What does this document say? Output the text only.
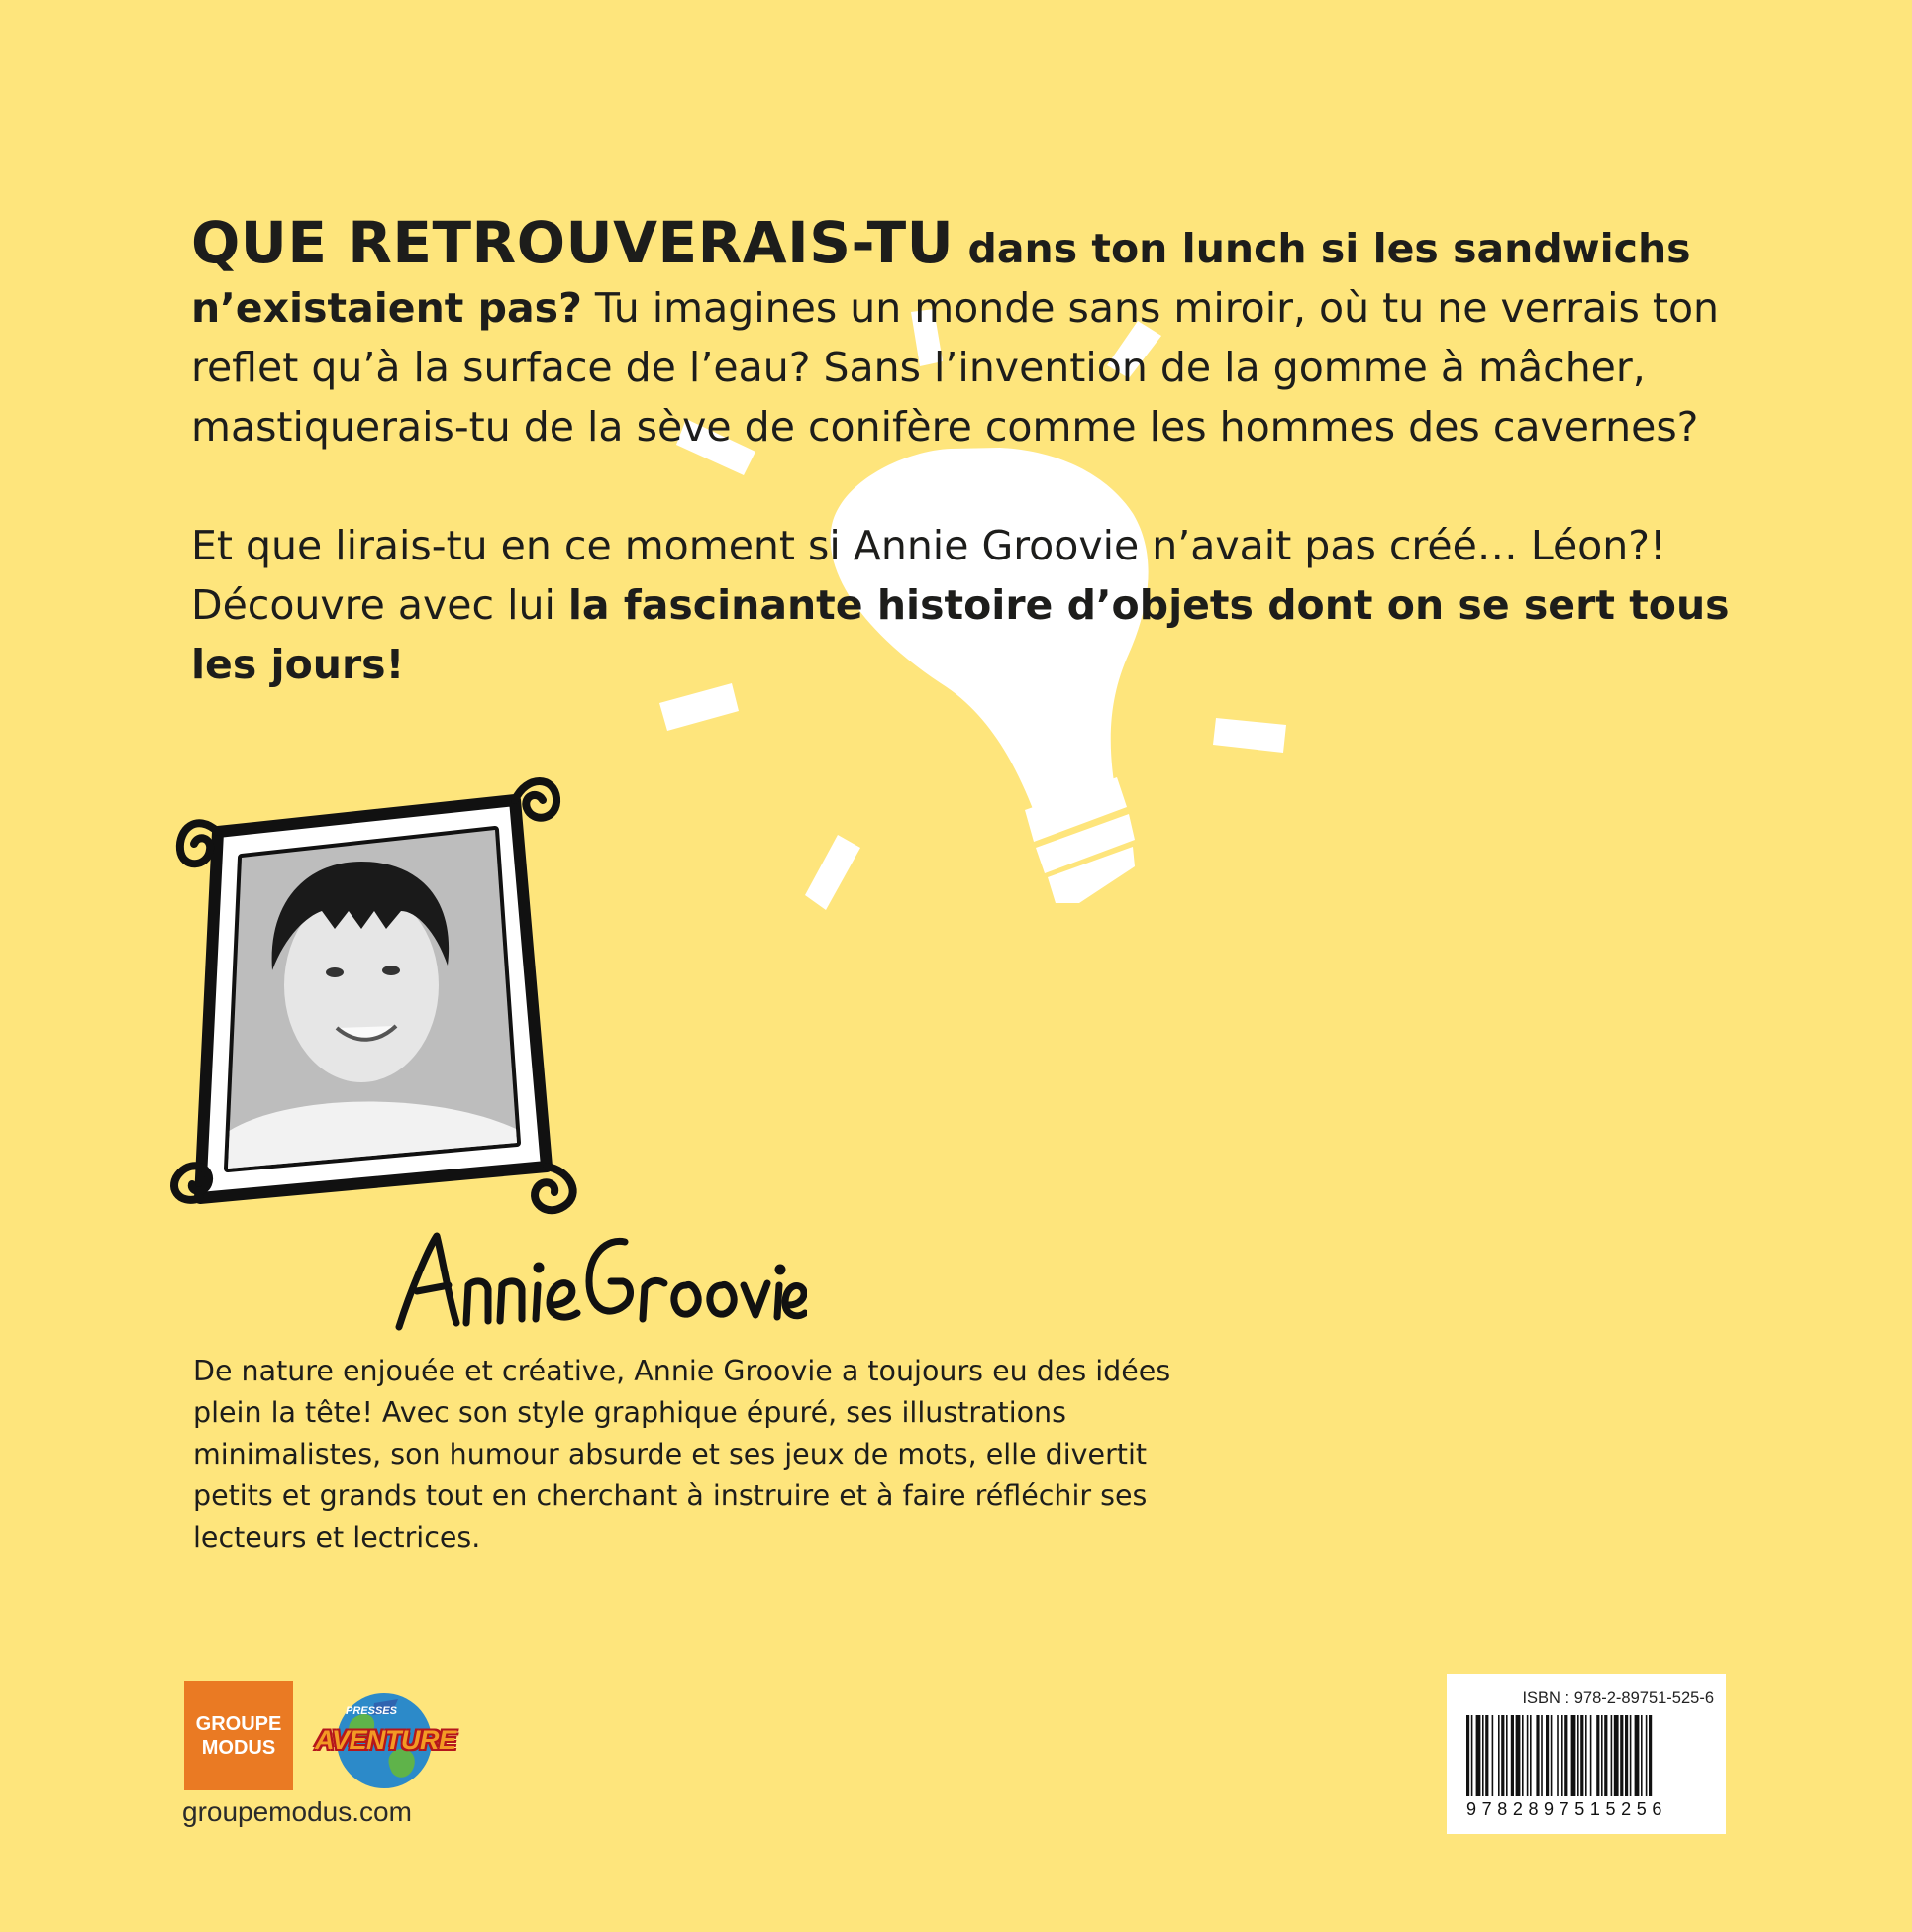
QUE RETROUVERAIS-TU dans ton lunch si les sandwichs n’existaient pas? Tu imagines un monde sans miroir, où tu ne verrais ton reflet qu’à la surface de l’eau? Sans l’invention de la gomme à mâcher, mastiquerais-tu de la sève de conifère comme les hommes des cavernes?

Et que lirais-tu en ce moment si Annie Groovie n’avait pas créé… Léon?! Découvre avec lui la fascinante histoire d’objets dont on se sert tous les jours!

De nature enjouée et créative, Annie Groovie a toujours eu des idées plein la tête! Avec son style graphique épuré, ses illustrations minimalistes, son humour absurde et ses jeux de mots, elle divertit petits et grands tout en cherchant à instruire et à faire réfléchir ses lecteurs et lectrices.

GROUPE
MODUS
PRESSES
AVENTURE
groupemodus.com
ISBN : 978-2-89751-525-6
9782897515256
